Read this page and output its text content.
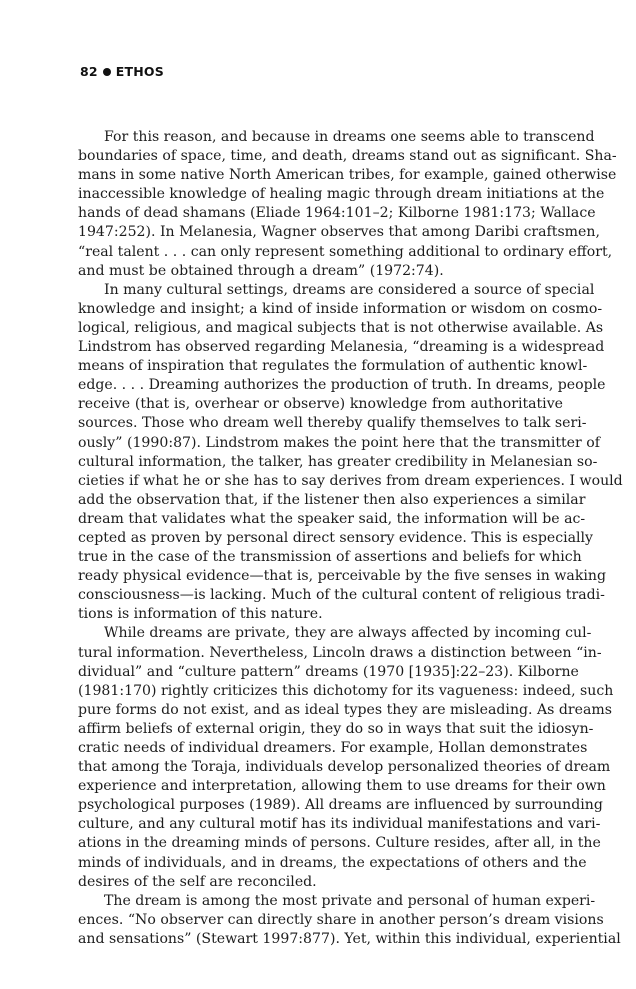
82 ETHOS
For this reason, and because in dreams one seems able to transcend
boundaries of space, time, and death, dreams stand out as significant. Sha-
mans in some native North American tribes, for example, gained otherwise
inaccessible knowledge of healing magic through dream initiations at the
hands of dead shamans (Eliade 1964:101–2; Kilborne 1981:173; Wallace
1947:252). In Melanesia, Wagner observes that among Daribi craftsmen,
“real talent . . . can only represent something additional to ordinary effort,
and must be obtained through a dream” (1972:74).
In many cultural settings, dreams are considered a source of special
knowledge and insight; a kind of inside information or wisdom on cosmo-
logical, religious, and magical subjects that is not otherwise available. As
Lindstrom has observed regarding Melanesia, “dreaming is a widespread
means of inspiration that regulates the formulation of authentic knowl-
edge. . . . Dreaming authorizes the production of truth. In dreams, people
receive (that is, overhear or observe) knowledge from authoritative
sources. Those who dream well thereby qualify themselves to talk seri-
ously” (1990:87). Lindstrom makes the point here that the transmitter of
cultural information, the talker, has greater credibility in Melanesian so-
cieties if what he or she has to say derives from dream experiences. I would
add the observation that, if the listener then also experiences a similar
dream that validates what the speaker said, the information will be ac-
cepted as proven by personal direct sensory evidence. This is especially
true in the case of the transmission of assertions and beliefs for which
ready physical evidence—that is, perceivable by the five senses in waking
consciousness—is lacking. Much of the cultural content of religious tradi-
tions is information of this nature.
While dreams are private, they are always affected by incoming cul-
tural information. Nevertheless, Lincoln draws a distinction between “in-
dividual” and “culture pattern” dreams (1970 [1935]:22–23). Kilborne
(1981:170) rightly criticizes this dichotomy for its vagueness: indeed, such
pure forms do not exist, and as ideal types they are misleading. As dreams
affirm beliefs of external origin, they do so in ways that suit the idiosyn-
cratic needs of individual dreamers. For example, Hollan demonstrates
that among the Toraja, individuals develop personalized theories of dream
experience and interpretation, allowing them to use dreams for their own
psychological purposes (1989). All dreams are influenced by surrounding
culture, and any cultural motif has its individual manifestations and vari-
ations in the dreaming minds of persons. Culture resides, after all, in the
minds of individuals, and in dreams, the expectations of others and the
desires of the self are reconciled.
The dream is among the most private and personal of human experi-
ences. “No observer can directly share in another person’s dream visions
and sensations” (Stewart 1997:877). Yet, within this individual, experiential
